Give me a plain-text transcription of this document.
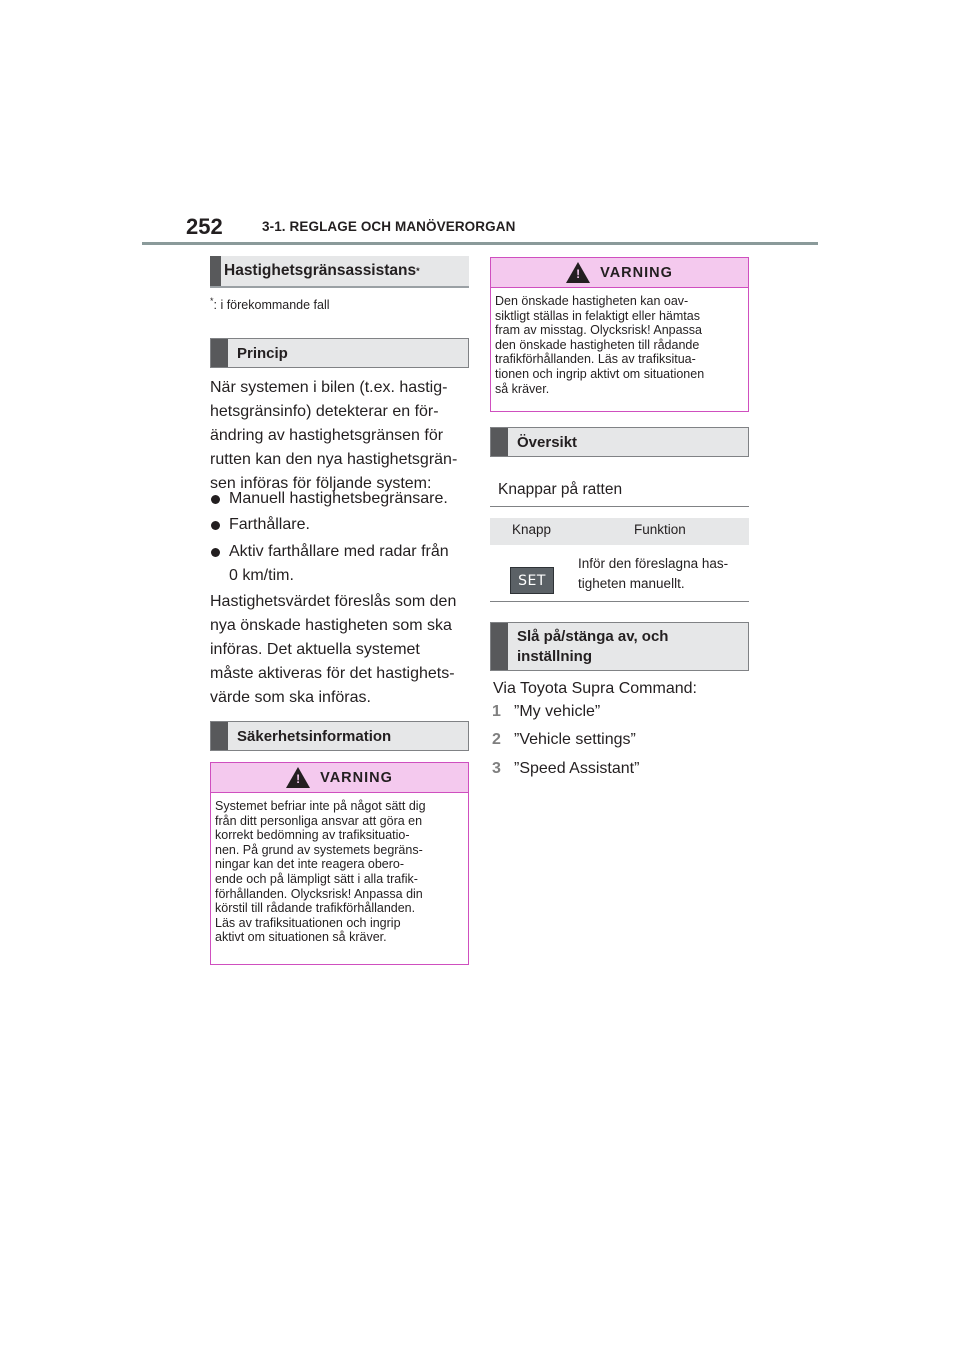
252	3-1. REGLAGE OCH MANÖVERORGAN
Hastighetsgränsassistans *
*: i förekommande fall
Princip
När systemen i bilen (t.ex. hastig-
hetsgränsinfo) detekterar en för-
ändring av hastighetsgränsen för
rutten kan den nya hastighetsgrän-
sen införas för följande system:
Manuell hastighetsbegränsare.
Farthållare.
Aktiv farthållare med radar från
0 km/tim.
Hastighetsvärdet föreslås som den
nya önskade hastigheten som ska
införas. Det aktuella systemet
måste aktiveras för det hastighets-
värde som ska införas.
Säkerhetsinformation
! VARNING
Systemet befriar inte på något sätt dig
från ditt personliga ansvar att göra en
korrekt bedömning av trafiksituatio-
nen. På grund av systemets begräns-
ningar kan det inte reagera obero-
ende och på lämpligt sätt i alla trafik-
förhållanden. Olycksrisk! Anpassa din
körstil till rådande trafikförhållanden.
Läs av trafiksituationen och ingrip
aktivt om situationen så kräver.
! VARNING
Den önskade hastigheten kan oav-
siktligt ställas in felaktigt eller hämtas
fram av misstag. Olycksrisk! Anpassa
den önskade hastigheten till rådande
trafikförhållanden. Läs av trafiksitua-
tionen och ingrip aktivt om situationen
så kräver.
Översikt
Knappar på ratten
Knapp	Funktion
SET
Inför den föreslagna has-
tigheten manuellt.
Slå på/stänga av, och
inställning
Via Toyota Supra Command:
1 ”My vehicle”
2 ”Vehicle settings”
3 ”Speed Assistant”
